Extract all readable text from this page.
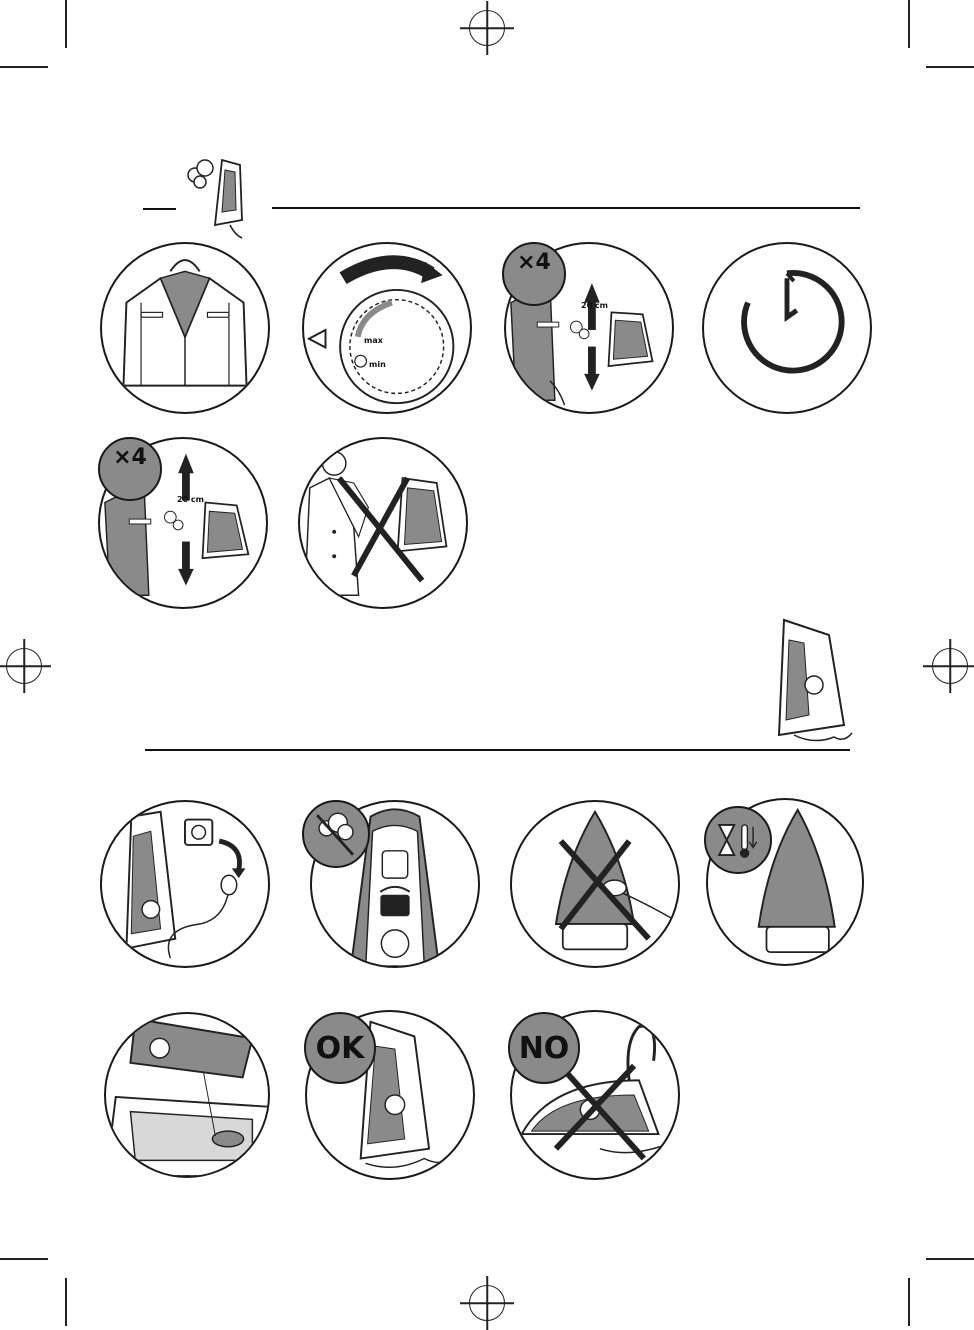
max
min
20 cm
×4
20 cm
×4
OK	NO
